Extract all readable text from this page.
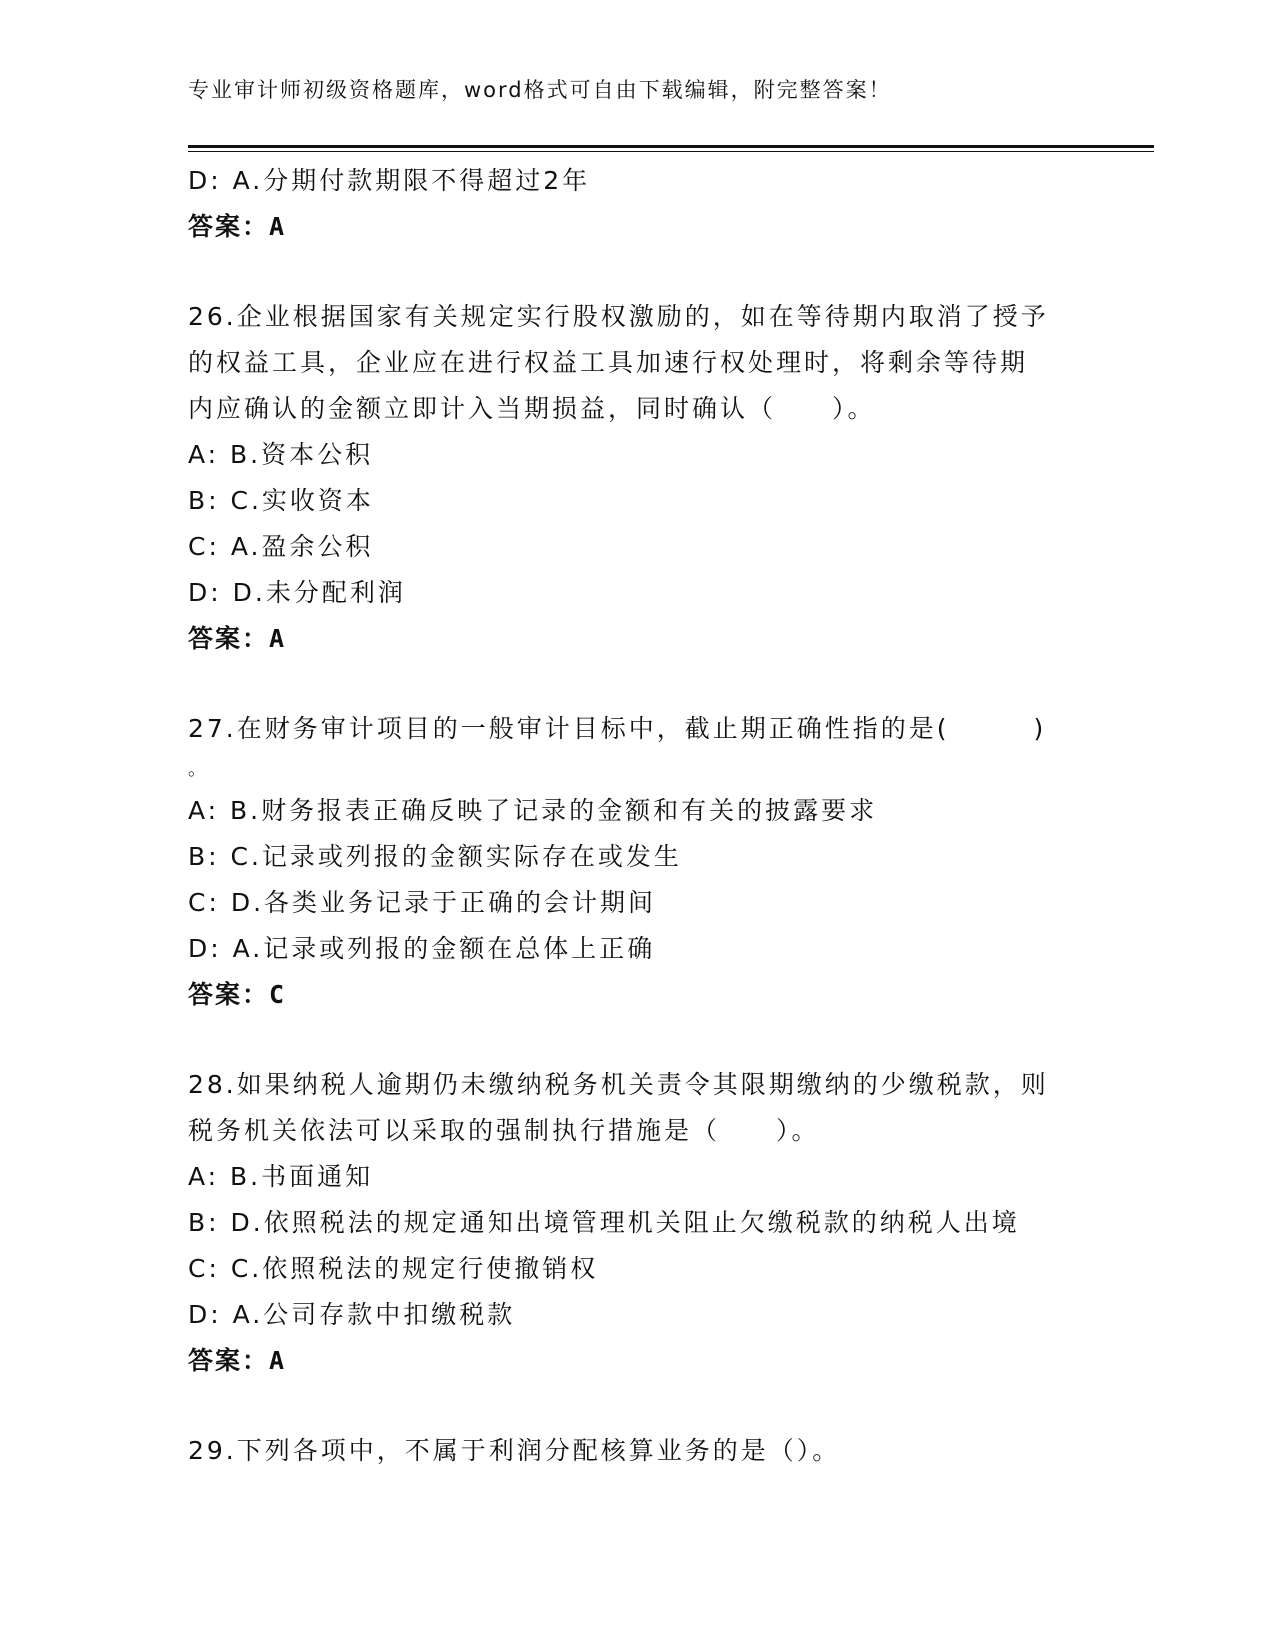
专业审计师初级资格题库，word格式可自由下载编辑，附完整答案！
D: A.分期付款期限不得超过2年
答案：A
26.企业根据国家有关规定实行股权激励的，如在等待期内取消了授予
的权益工具，企业应在进行权益工具加速行权处理时，将剩余等待期
内应确认的金额立即计入当期损益，同时确认（　　）。
A: B.资本公积
B: C.实收资本
C: A.盈余公积
D: D.未分配利润
答案：A
27.在财务审计项目的一般审计目标中，截止期正确性指的是(　　　)
。
A: B.财务报表正确反映了记录的金额和有关的披露要求
B: C.记录或列报的金额实际存在或发生
C: D.各类业务记录于正确的会计期间
D: A.记录或列报的金额在总体上正确
答案：C
28.如果纳税人逾期仍未缴纳税务机关责令其限期缴纳的少缴税款，则
税务机关依法可以采取的强制执行措施是（　　）。
A: B.书面通知
B: D.依照税法的规定通知出境管理机关阻止欠缴税款的纳税人出境
C: C.依照税法的规定行使撤销权
D: A.公司存款中扣缴税款
答案：A
29.下列各项中，不属于利润分配核算业务的是（）。
